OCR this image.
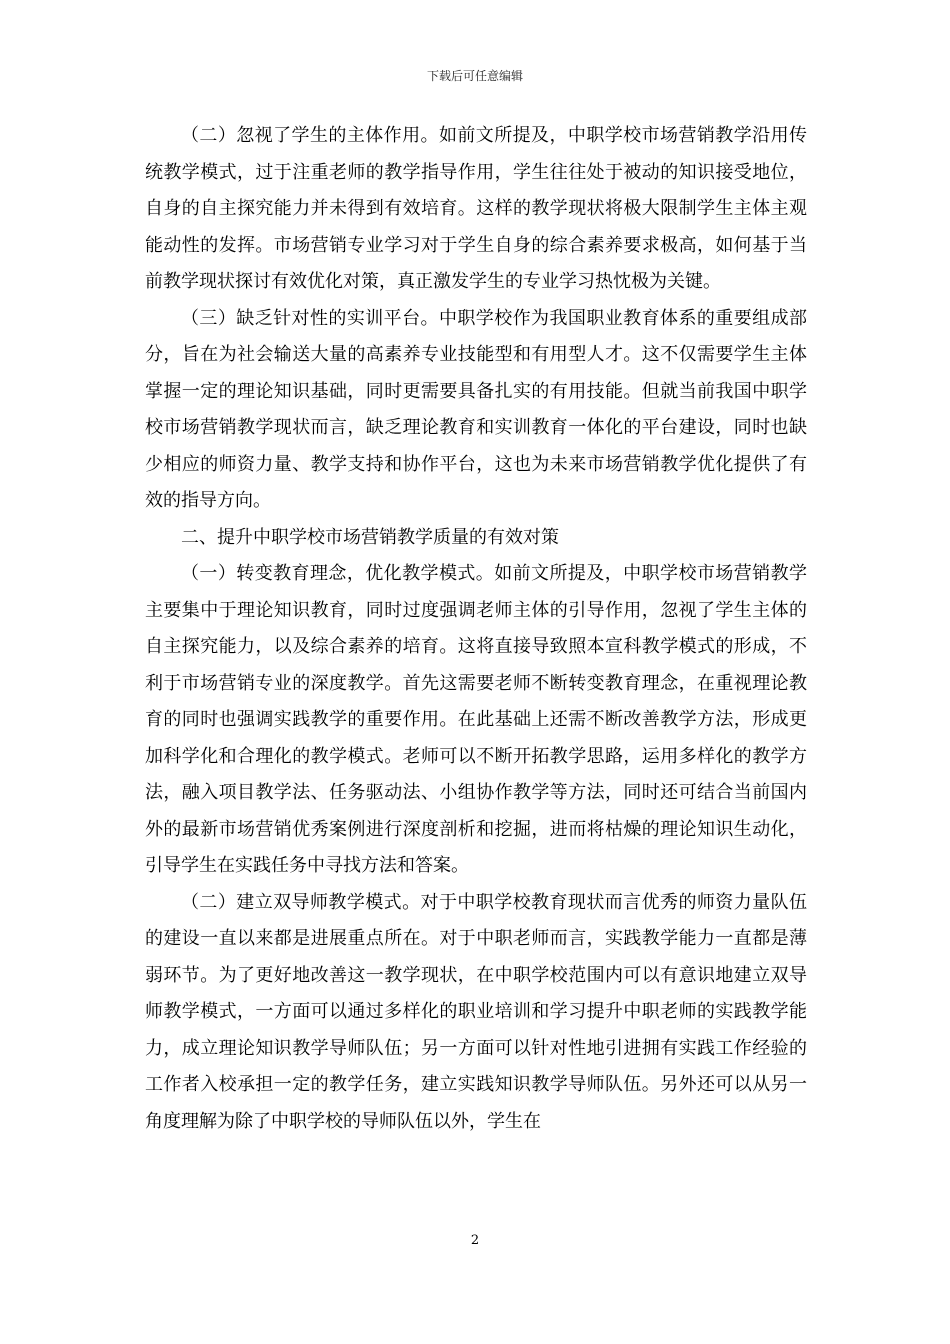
下载后可任意编辑

（二）忽视了学生的主体作用。如前文所提及，中职学校市场营销教学沿用传统教学模式，过于注重老师的教学指导作用，学生往往处于被动的知识接受地位，自身的自主探究能力并未得到有效培育。这样的教学现状将极大限制学生主体主观能动性的发挥。市场营销专业学习对于学生自身的综合素养要求极高，如何基于当前教学现状探讨有效优化对策，真正激发学生的专业学习热忱极为关键。

（三）缺乏针对性的实训平台。中职学校作为我国职业教育体系的重要组成部分，旨在为社会输送大量的高素养专业技能型和有用型人才。这不仅需要学生主体掌握一定的理论知识基础，同时更需要具备扎实的有用技能。但就当前我国中职学校市场营销教学现状而言，缺乏理论教育和实训教育一体化的平台建设，同时也缺少相应的师资力量、教学支持和协作平台，这也为未来市场营销教学优化提供了有效的指导方向。

二、提升中职学校市场营销教学质量的有效对策

（一）转变教育理念，优化教学模式。如前文所提及，中职学校市场营销教学主要集中于理论知识教育，同时过度强调老师主体的引导作用，忽视了学生主体的自主探究能力，以及综合素养的培育。这将直接导致照本宣科教学模式的形成，不利于市场营销专业的深度教学。首先这需要老师不断转变教育理念，在重视理论教育的同时也强调实践教学的重要作用。在此基础上还需不断改善教学方法，形成更加科学化和合理化的教学模式。老师可以不断开拓教学思路，运用多样化的教学方法，融入项目教学法、任务驱动法、小组协作教学等方法，同时还可结合当前国内外的最新市场营销优秀案例进行深度剖析和挖掘，进而将枯燥的理论知识生动化，引导学生在实践任务中寻找方法和答案。

（二）建立双导师教学模式。对于中职学校教育现状而言优秀的师资力量队伍的建设一直以来都是进展重点所在。对于中职老师而言，实践教学能力一直都是薄弱环节。为了更好地改善这一教学现状，在中职学校范围内可以有意识地建立双导师教学模式，一方面可以通过多样化的职业培训和学习提升中职老师的实践教学能力，成立理论知识教学导师队伍；另一方面可以针对性地引进拥有实践工作经验的工作者入校承担一定的教学任务，建立实践知识教学导师队伍。另外还可以从另一角度理解为除了中职学校的导师队伍以外，学生在

2
